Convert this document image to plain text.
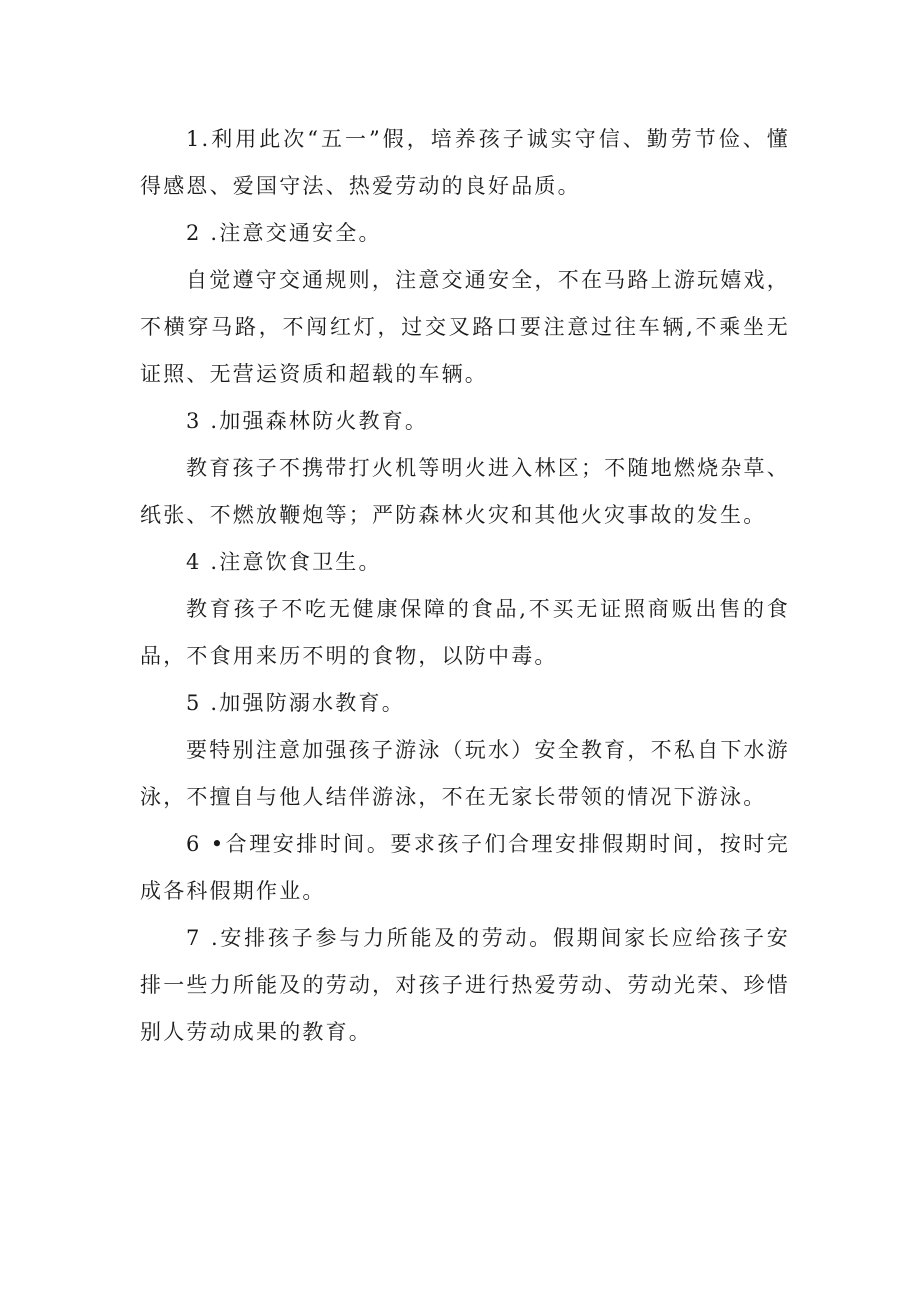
1.利用此次“五一”假，培养孩子诚实守信、勤劳节俭、懂得感恩、爱国守法、热爱劳动的良好品质。

2 .注意交通安全。

自觉遵守交通规则，注意交通安全，不在马路上游玩嬉戏，不横穿马路，不闯红灯，过交叉路口要注意过往车辆,不乘坐无证照、无营运资质和超载的车辆。

3 .加强森林防火教育。

教育孩子不携带打火机等明火进入林区；不随地燃烧杂草、纸张、不燃放鞭炮等；严防森林火灾和其他火灾事故的发生。

4 .注意饮食卫生。

教育孩子不吃无健康保障的食品,不买无证照商贩出售的食品，不食用来历不明的食物，以防中毒。

5 .加强防溺水教育。

要特别注意加强孩子游泳（玩水）安全教育，不私自下水游泳，不擅自与他人结伴游泳，不在无家长带领的情况下游泳。

6 •合理安排时间。要求孩子们合理安排假期时间，按时完成各科假期作业。

7 .安排孩子参与力所能及的劳动。假期间家长应给孩子安排一些力所能及的劳动，对孩子进行热爱劳动、劳动光荣、珍惜别人劳动成果的教育。
